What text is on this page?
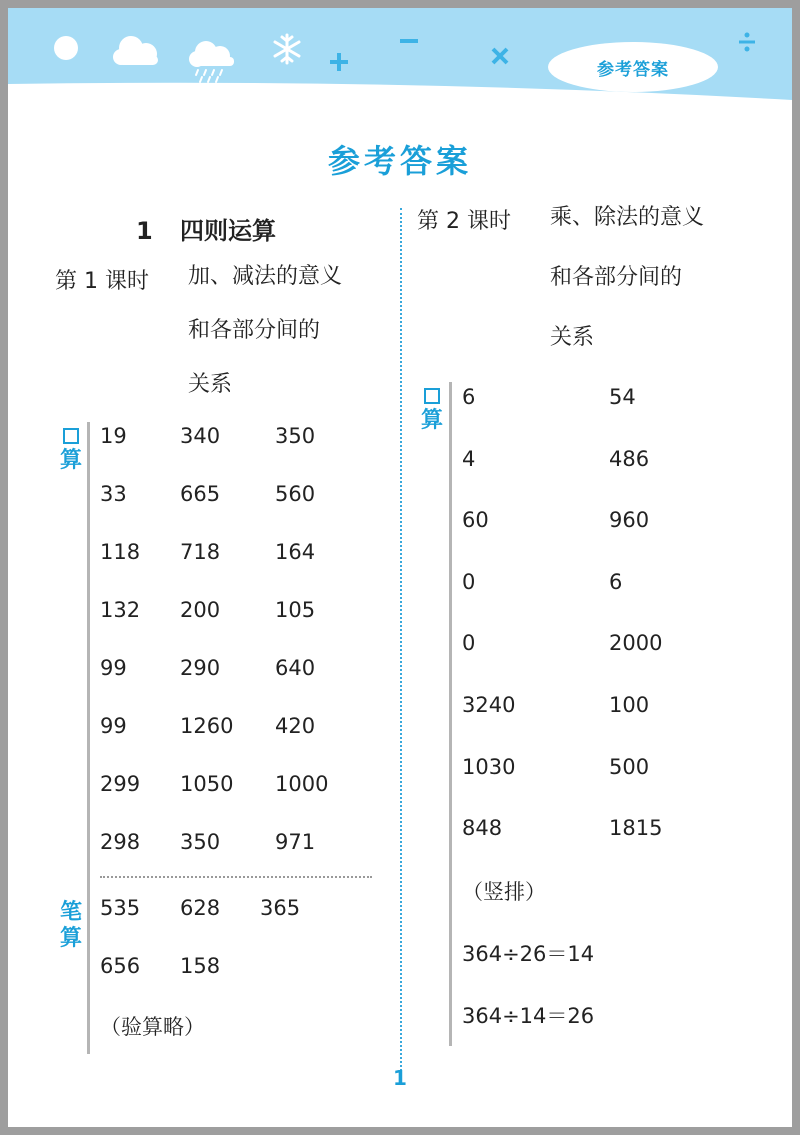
参考答案
参考答案
1 四则运算
第 1 课时 加、减法的意义
和各部分间的
关系
第 2 课时 乘、除法的意义
和各部分间的
关系
算
笔
算
19	340	350
33	665	560
118 718	164
132 200	105
99	290	640
99	1260 420
299 1050 1000
298 350	971
535 628 365
656 158
（验算略）
算
6	54
4	486
60	960
0	6
0	2000
3240	100
1030	500
848	1815
（竖排）
364÷26＝14
364÷14＝26
1
